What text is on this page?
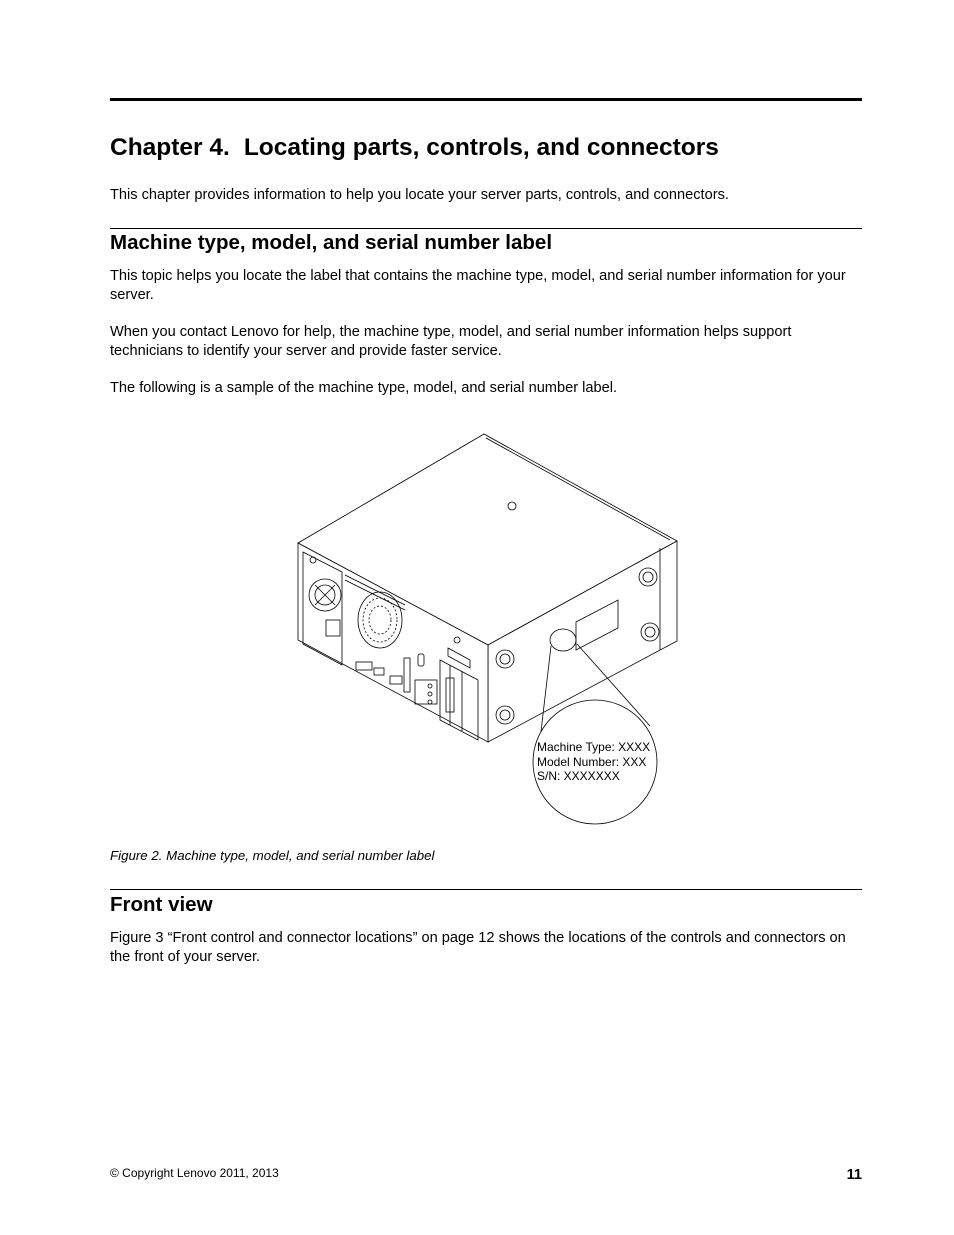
Chapter 4. Locating parts, controls, and connectors

This chapter provides information to help you locate your server parts, controls, and connectors.

Machine type, model, and serial number label

This topic helps you locate the label that contains the machine type, model, and serial number information for your server.

When you contact Lenovo for help, the machine type, model, and serial number information helps support technicians to identify your server and provide faster service.

The following is a sample of the machine type, model, and serial number label.

Machine Type: XXXX
Model Number: XXX
S/N: XXXXXXX

Figure 2. Machine type, model, and serial number label

Front view

Figure 3 “Front control and connector locations” on page 12 shows the locations of the controls and connectors on the front of your server.

© Copyright Lenovo 2011, 2013	11
